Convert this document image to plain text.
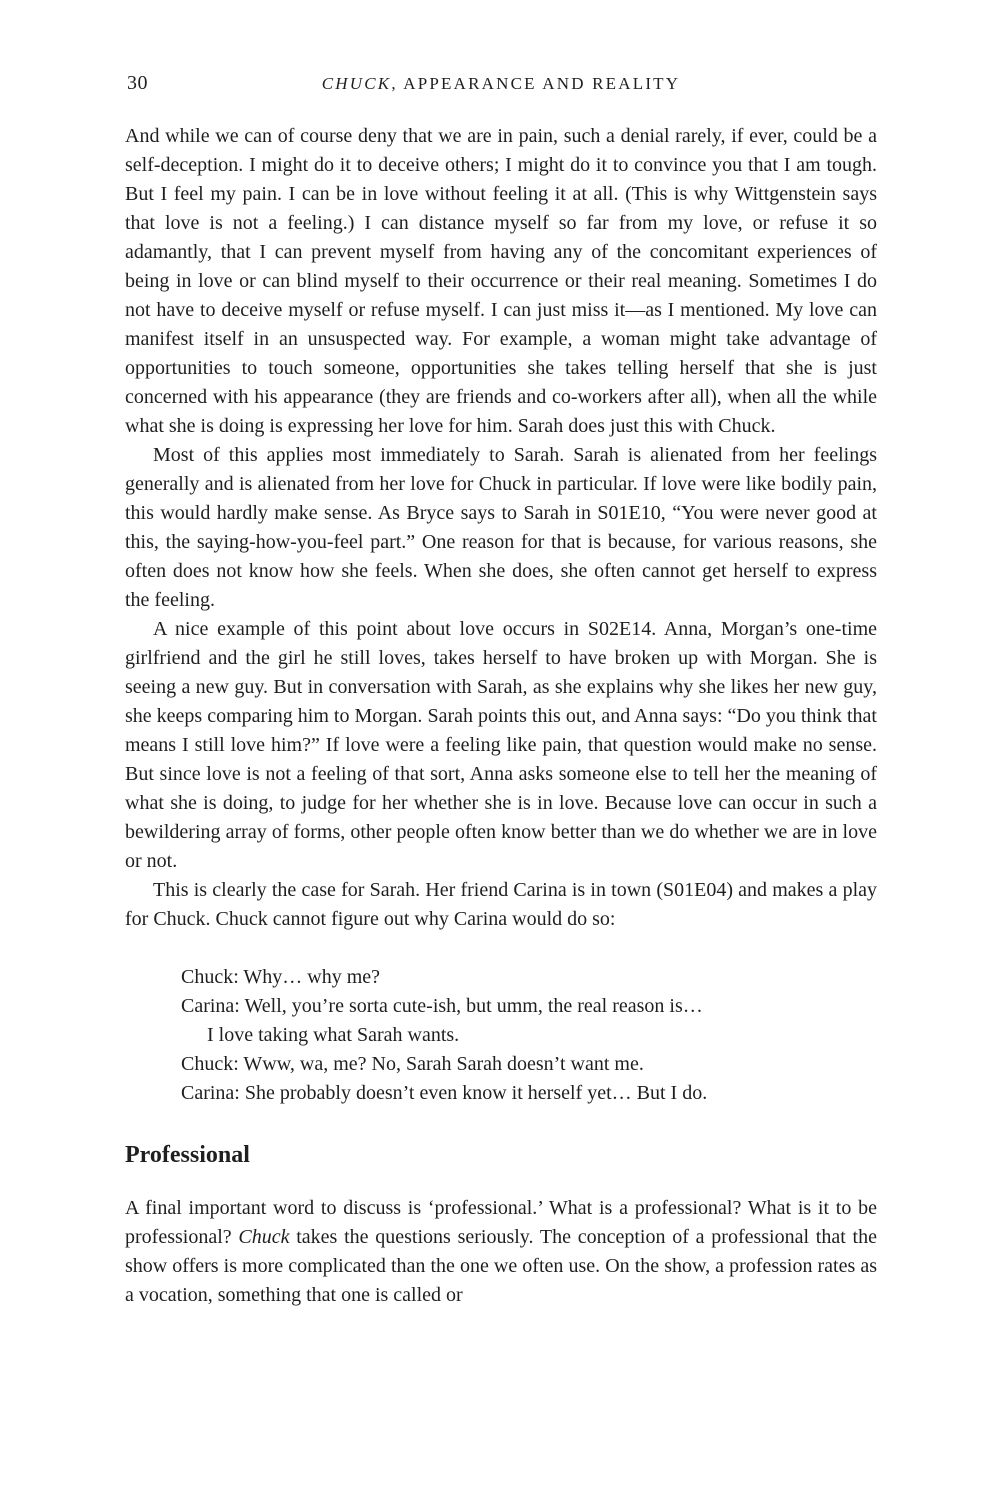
30	CHUCK, APPEARANCE AND REALITY

And while we can of course deny that we are in pain, such a denial rarely, if ever, could be a self-deception. I might do it to deceive others; I might do it to convince you that I am tough. But I feel my pain. I can be in love without feeling it at all. (This is why Wittgenstein says that love is not a feeling.) I can distance myself so far from my love, or refuse it so adamantly, that I can prevent myself from having any of the concomitant experiences of being in love or can blind myself to their occurrence or their real meaning. Sometimes I do not have to deceive myself or refuse myself. I can just miss it—as I mentioned. My love can manifest itself in an unsuspected way. For example, a woman might take advantage of opportunities to touch someone, opportunities she takes telling herself that she is just concerned with his appearance (they are friends and co-workers after all), when all the while what she is doing is expressing her love for him. Sarah does just this with Chuck.

Most of this applies most immediately to Sarah. Sarah is alienated from her feelings generally and is alienated from her love for Chuck in particular. If love were like bodily pain, this would hardly make sense. As Bryce says to Sarah in S01E10, “You were never good at this, the saying-how-you-feel part.” One reason for that is because, for various reasons, she often does not know how she feels. When she does, she often cannot get herself to express the feeling.

A nice example of this point about love occurs in S02E14. Anna, Morgan’s one-time girlfriend and the girl he still loves, takes herself to have broken up with Morgan. She is seeing a new guy. But in conversation with Sarah, as she explains why she likes her new guy, she keeps comparing him to Morgan. Sarah points this out, and Anna says: “Do you think that means I still love him?” If love were a feeling like pain, that question would make no sense. But since love is not a feeling of that sort, Anna asks someone else to tell her the meaning of what she is doing, to judge for her whether she is in love. Because love can occur in such a bewildering array of forms, other people often know better than we do whether we are in love or not.

This is clearly the case for Sarah. Her friend Carina is in town (S01E04) and makes a play for Chuck. Chuck cannot figure out why Carina would do so:

Chuck: Why… why me?

Carina: Well, you’re sorta cute-ish, but umm, the real reason is…

I love taking what Sarah wants.

Chuck: Www, wa, me? No, Sarah Sarah doesn’t want me.

Carina: She probably doesn’t even know it herself yet… But I do.

Professional

A final important word to discuss is ‘professional.’ What is a professional? What is it to be professional? Chuck takes the questions seriously. The conception of a professional that the show offers is more complicated than the one we often use. On the show, a profession rates as a vocation, something that one is called or
